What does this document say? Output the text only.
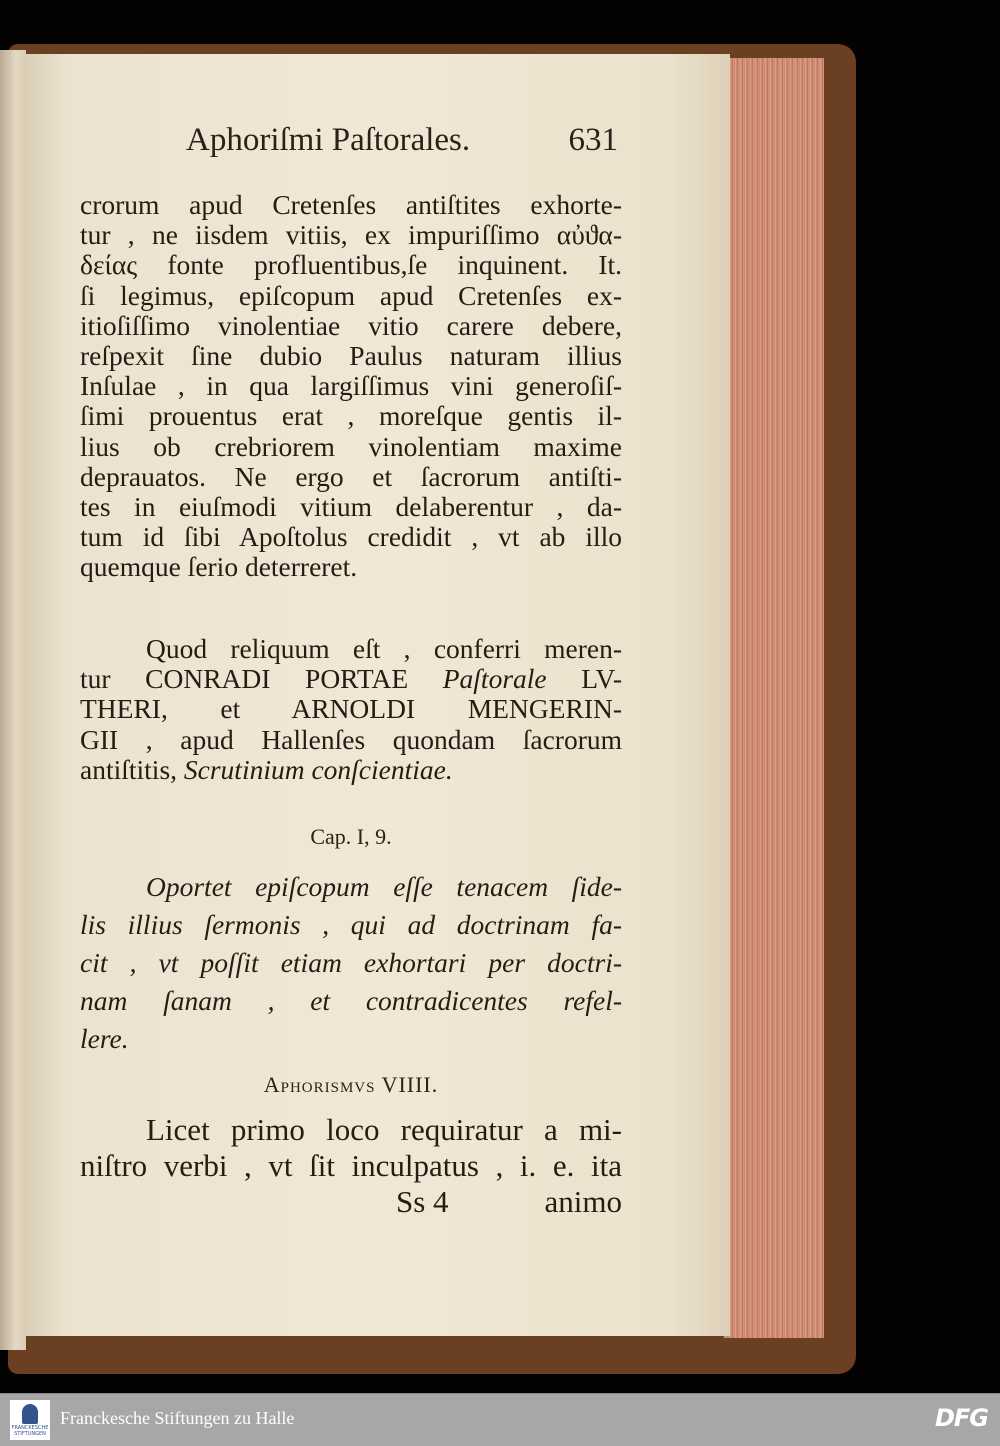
Aphoriſmi Paſtorales.	631
crorum apud Cretenſes antiſtites exhorte-
tur , ne iisdem vitiis, ex impuriſſimo αὐϑα-
δείας fonte profluentibus,ſe inquinent. It.
ſi legimus, epiſcopum apud Cretenſes ex-
itioſiſſimo vinolentiae vitio carere debere,
reſpexit ſine dubio Paulus naturam illius
Inſulae , in qua largiſſimus vini generoſiſ-
ſimi prouentus erat , moreſque gentis il-
lius ob crebriorem vinolentiam maxime
deprauatos. Ne ergo et ſacrorum antiſti-
tes in eiuſmodi vitium delaberentur , da-
tum id ſibi Apoſtolus credidit , vt ab illo
quemque ſerio deterreret.
Quod reliquum eſt , conferri meren-
tur CONRADI PORTAE Paſtorale LV-
THERI, et ARNOLDI MENGERIN-
GII , apud Hallenſes quondam ſacrorum
antiſtitis, Scrutinium conſcientiae.
Cap. I, 9.
Oportet epiſcopum eſſe tenacem ſide-
lis illius ſermonis , qui ad doctrinam fa-
cit , vt poſſit etiam exhortari per doctri-
nam ſanam , et contradicentes refel-
lere.
Aphorismvs VIIII.
Licet primo loco requiratur a mi-
niſtro verbi , vt ſit inculpatus , i. e. ita
Ss 4	animo
FRANCKESCHE STIFTUNGEN
Franckesche Stiftungen zu Halle	DFG
